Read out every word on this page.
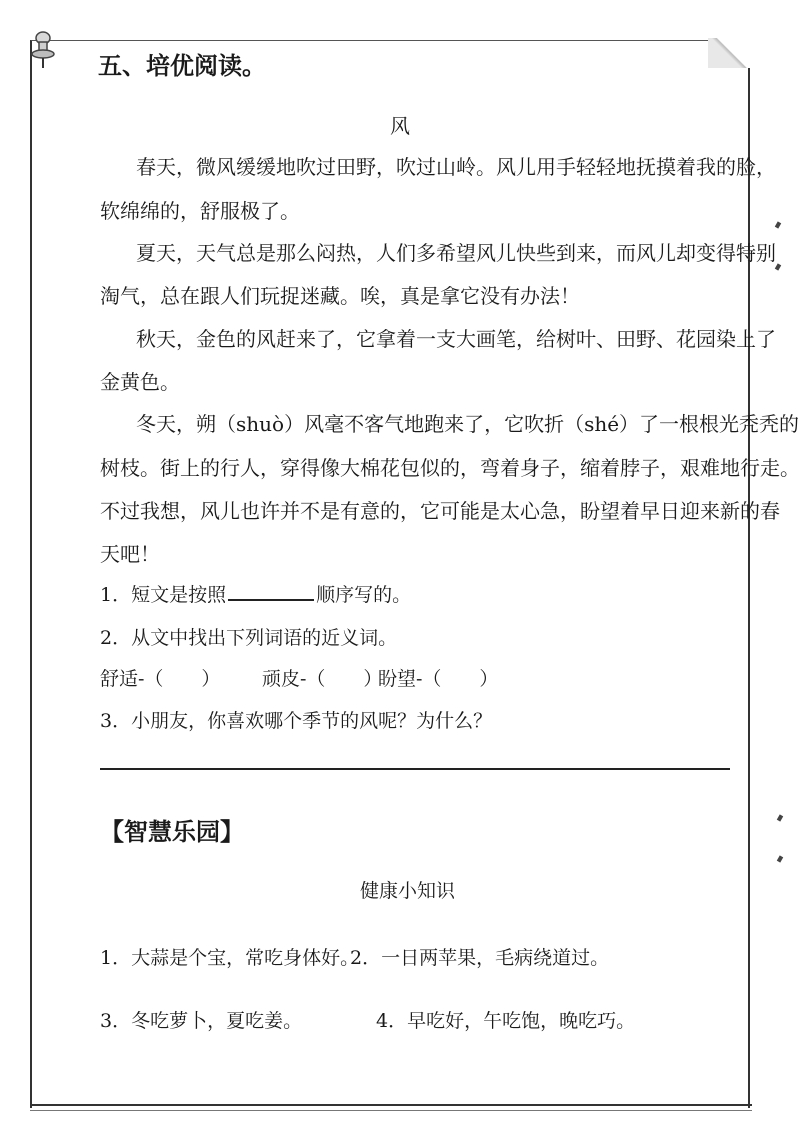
五、培优阅读。
风
春天，微风缓缓地吹过田野，吹过山岭。风儿用手轻轻地抚摸着我的脸，
软绵绵的，舒服极了。
夏天，天气总是那么闷热，人们多希望风儿快些到来，而风儿却变得特别
淘气，总在跟人们玩捉迷藏。唉，真是拿它没有办法！
秋天，金色的风赶来了，它拿着一支大画笔，给树叶、田野、花园染上了
金黄色。
冬天，朔（shuò）风毫不客气地跑来了，它吹折（shé）了一根根光秃秃的
树枝。街上的行人，穿得像大棉花包似的，弯着身子，缩着脖子，艰难地行走。
不过我想，风儿也许并不是有意的，它可能是太心急，盼望着早日迎来新的春
天吧！
1．短文是按照	顺序写的。
2．从文中找出下列词语的近义词。
舒适-（　　） 顽皮-（　　）
盼望-（　　）
3．小朋友，你喜欢哪个季节的风呢？为什么？
【智慧乐园】
健康小知识
1．大蒜是个宝，常吃身体好。
2．一日两苹果，毛病绕道过。
3．冬吃萝卜，夏吃姜。	4．早吃好，午吃饱，晚吃巧。
